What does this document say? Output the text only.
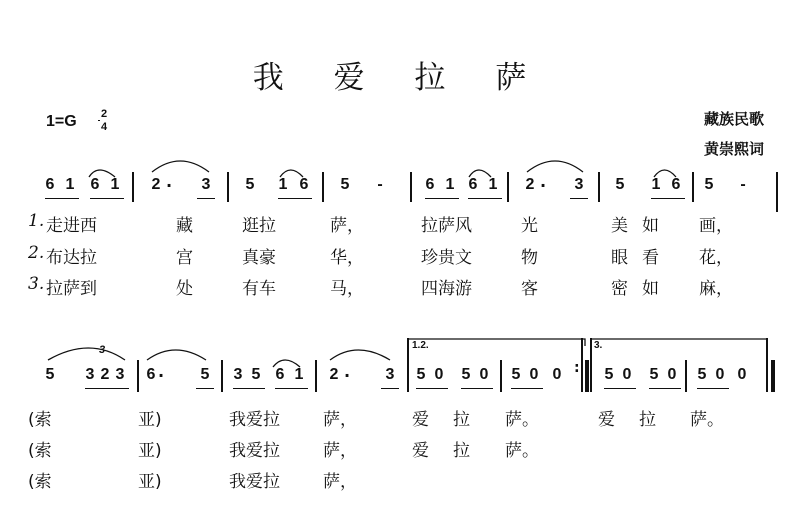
我 爱 拉 萨
1=G	2
4	藏族民歌
黄崇熙词
6 1 6 1 2	3 5 1 6 5	-	6 1 6 1 2	3 5 1 6 5	-
.	.
5 3 2 3 6	5 3 5 6 1 2	3 5 0 5 0 5 0 0	5 0 5 0 5 0 0
.	.
3	1.2.	3.
:
1. 走进西	藏	逛拉	萨，	拉萨风	光	美如 画，
2. 布达拉	宫	真豪	华，	珍贵文	物	眼看 花，
3. 拉萨到	处	有车	马，	四海游	客	密如 麻，
(索	亚)	我爱拉	萨，	爱拉 萨。	爱拉 萨。
(索	亚)	我爱拉	萨，	爱拉 萨。
(索	亚)	我爱拉	萨，
